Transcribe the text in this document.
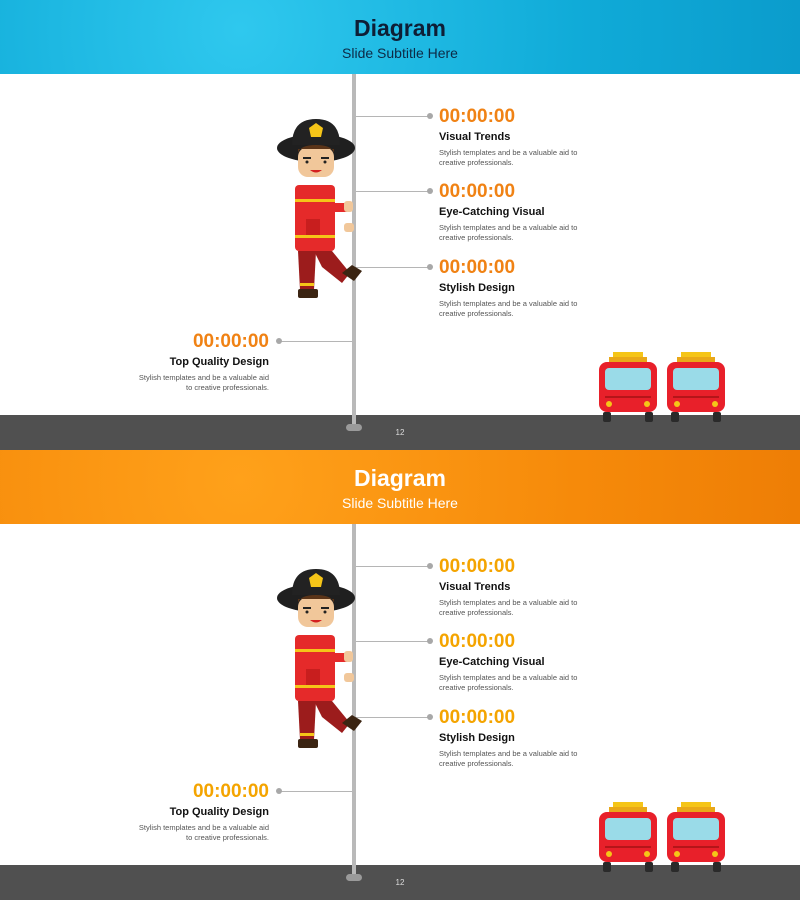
Diagram
Slide Subtitle Here
12
00:00:00
Visual Trends
Stylish templates and be a valuable aid to
creative professionals.
00:00:00
Eye-Catching Visual
Stylish templates and be a valuable aid to
creative professionals.
00:00:00
Stylish Design
Stylish templates and be a valuable aid to
creative professionals.
00:00:00
Top Quality Design
Stylish templates and be a valuable aid
to creative professionals.
Diagram
Slide Subtitle Here
12
00:00:00
Visual Trends
Stylish templates and be a valuable aid to
creative professionals.
00:00:00
Eye-Catching Visual
Stylish templates and be a valuable aid to
creative professionals.
00:00:00
Stylish Design
Stylish templates and be a valuable aid to
creative professionals.
00:00:00
Top Quality Design
Stylish templates and be a valuable aid
to creative professionals.
